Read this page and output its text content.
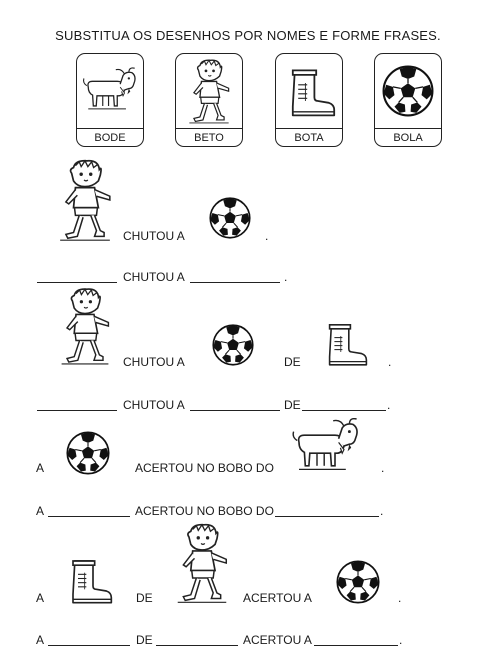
SUBSTITUA OS DESENHOS POR NOMES E FORME FRASES.
BODE	BETO	BOTA	BOLA
CHUTOU A	.
CHUTOU A	.
CHUTOU A	DE	.
CHUTOU A	DE	.
A	ACERTOU NO BOBO DO	.
A	ACERTOU NO BOBO DO	.
A	DE	ACERTOU A	.
A	DE	ACERTOU A	.
